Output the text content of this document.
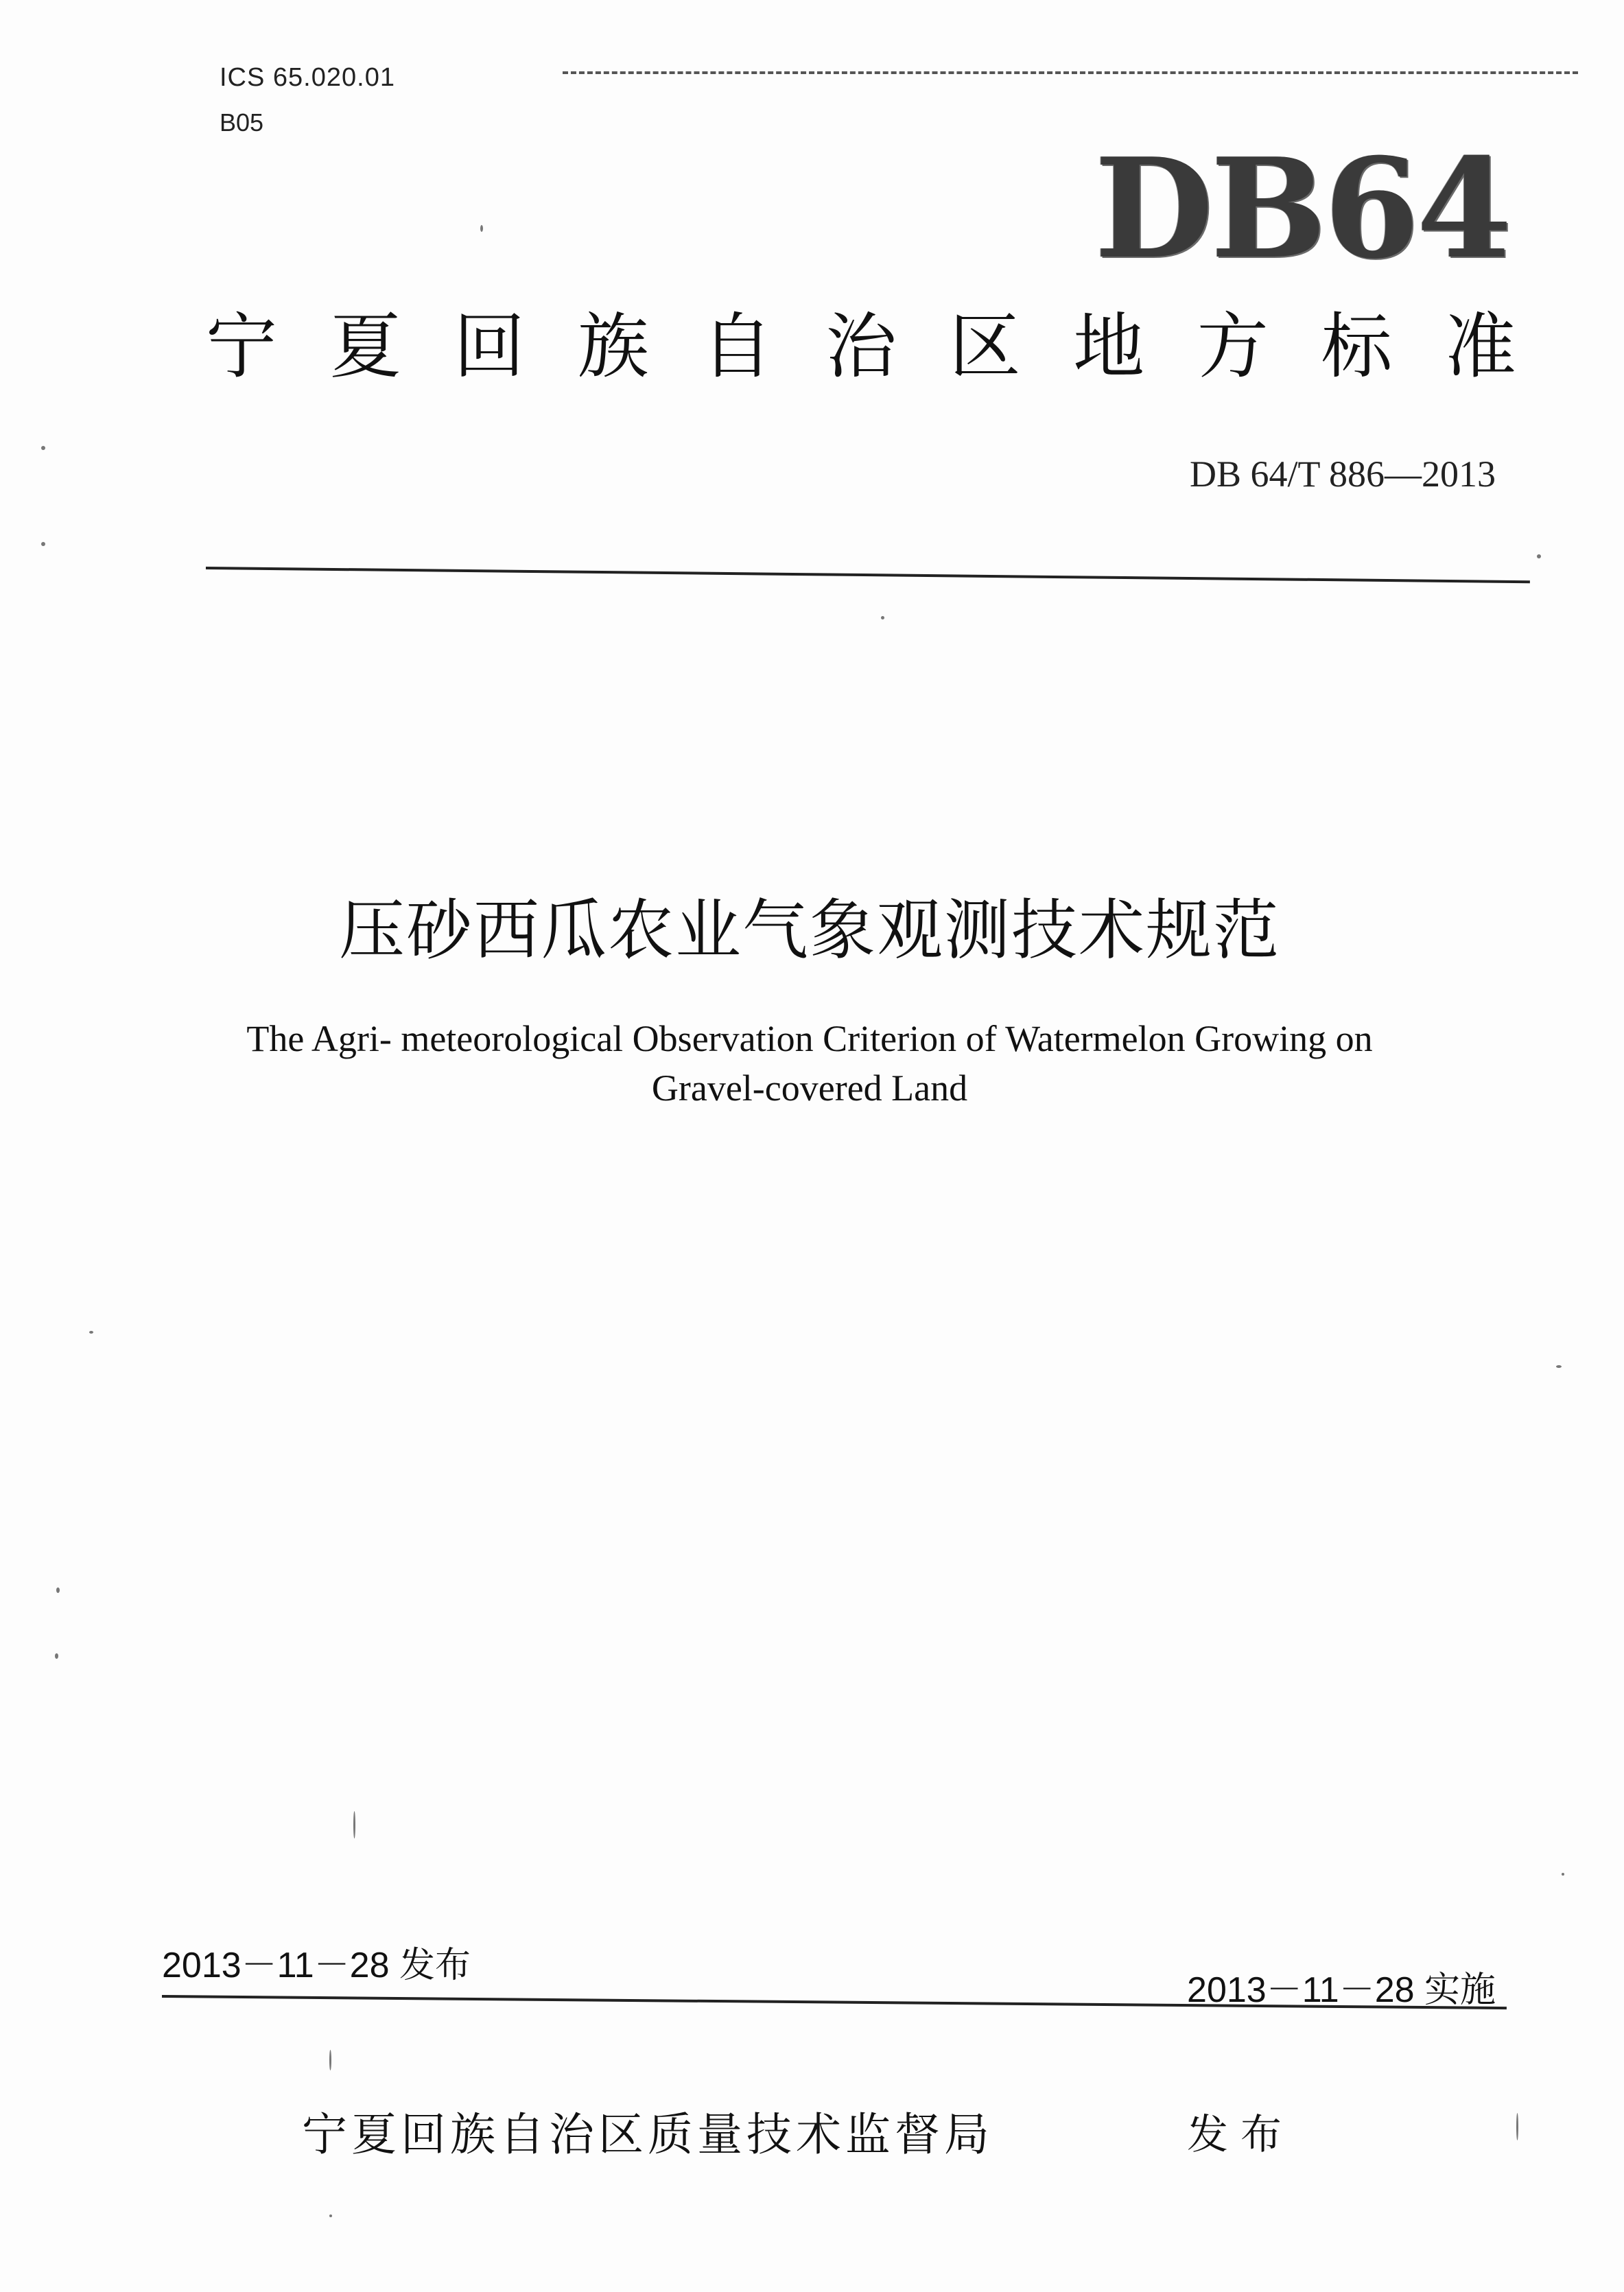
ICS 65.020.01
B05
DB64
宁 夏 回 族 自 治 区 地 方 标 准
DB 64/T 886—2013
压砂西瓜农业气象观测技术规范
The Agri- meteorological Observation Criterion of Watermelon Growing on
Gravel-covered Land
2013－11－28 发布
2013－11－28 实施
宁夏回族自治区质量技术监督局	发布
